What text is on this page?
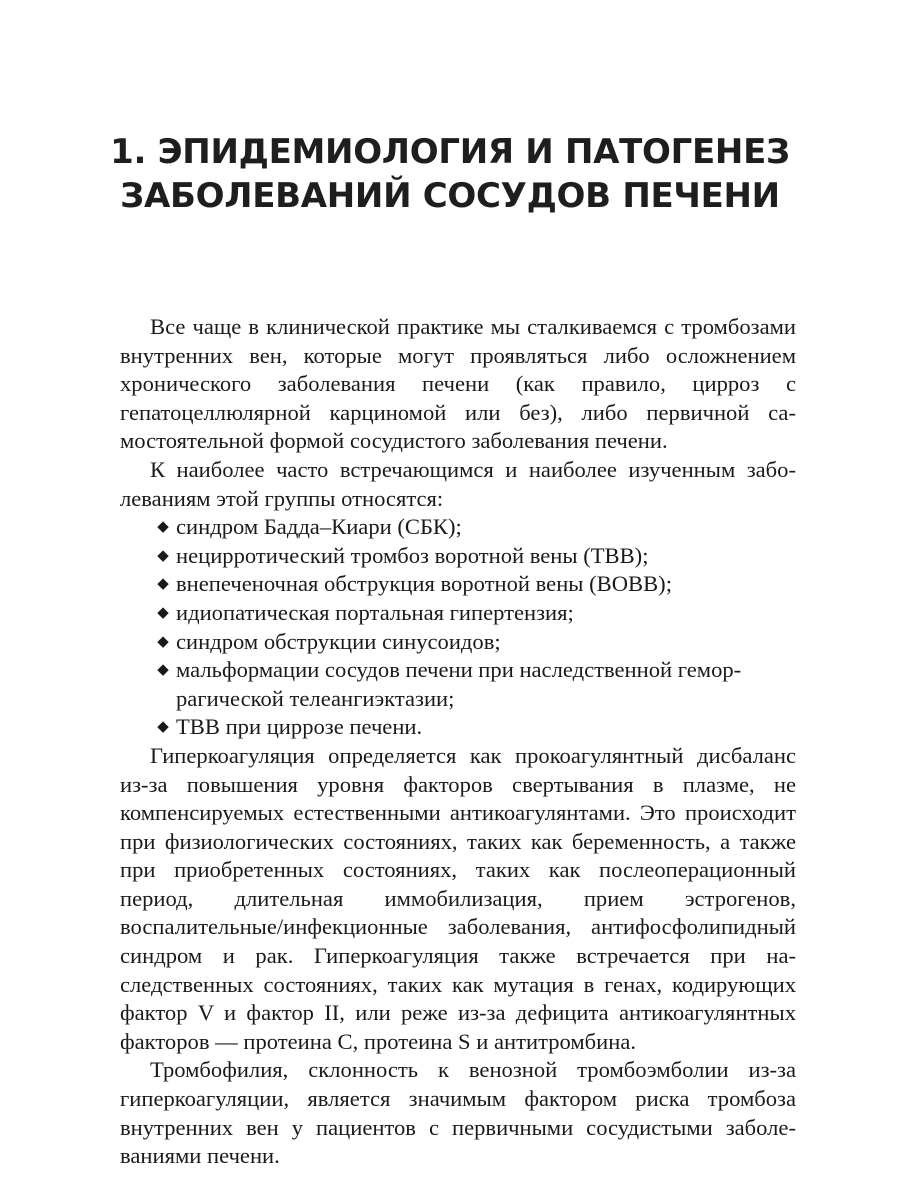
1. ЭПИДЕМИОЛОГИЯ И ПАТОГЕНЕЗ
ЗАБОЛЕВАНИЙ СОСУДОВ ПЕЧЕНИ

Все чаще в клинической практике мы сталкиваемся с тромбозами внутренних вен, которые могут проявляться либо осложнением хронического заболевания печени (как правило, цирроз с гепатоцеллюлярной карциномой или без), либо первичной самостоятельной формой сосудистого заболевания печени.

К наиболее часто встречающимся и наиболее изученным заболеваниям этой группы относятся:

◆ синдром Бадда–Киари (СБК);
◆ нецирротический тромбоз воротной вены (ТВВ);
◆ внепеченочная обструкция воротной вены (ВОВВ);
◆ идиопатическая портальная гипертензия;
◆ синдром обструкции синусоидов;
◆ мальформации сосудов печени при наследственной геморрагической телеангиэктазии;
◆ ТВВ при циррозе печени.

Гиперкоагуляция определяется как прокоагулянтный дисбаланс из-за повышения уровня факторов свертывания в плазме, не компенсируемых естественными антикоагулянтами. Это происходит при физиологических состояниях, таких как беременность, а также при приобретенных состояниях, таких как послеоперационный период, длительная иммобилизация, прием эстрогенов, воспалительные/инфекционные заболевания, антифосфолипидный синдром и рак. Гиперкоагуляция также встречается при наследственных состояниях, таких как мутация в генах, кодирующих фактор V и фактор II, или реже из-за дефицита антикоагулянтных факторов — протеина C, протеина S и антитромбина.

Тромбофилия, склонность к венозной тромбоэмболии из-за гиперкоагуляции, является значимым фактором риска тромбоза внутренних вен у пациентов с первичными сосудистыми заболеваниями печени.
